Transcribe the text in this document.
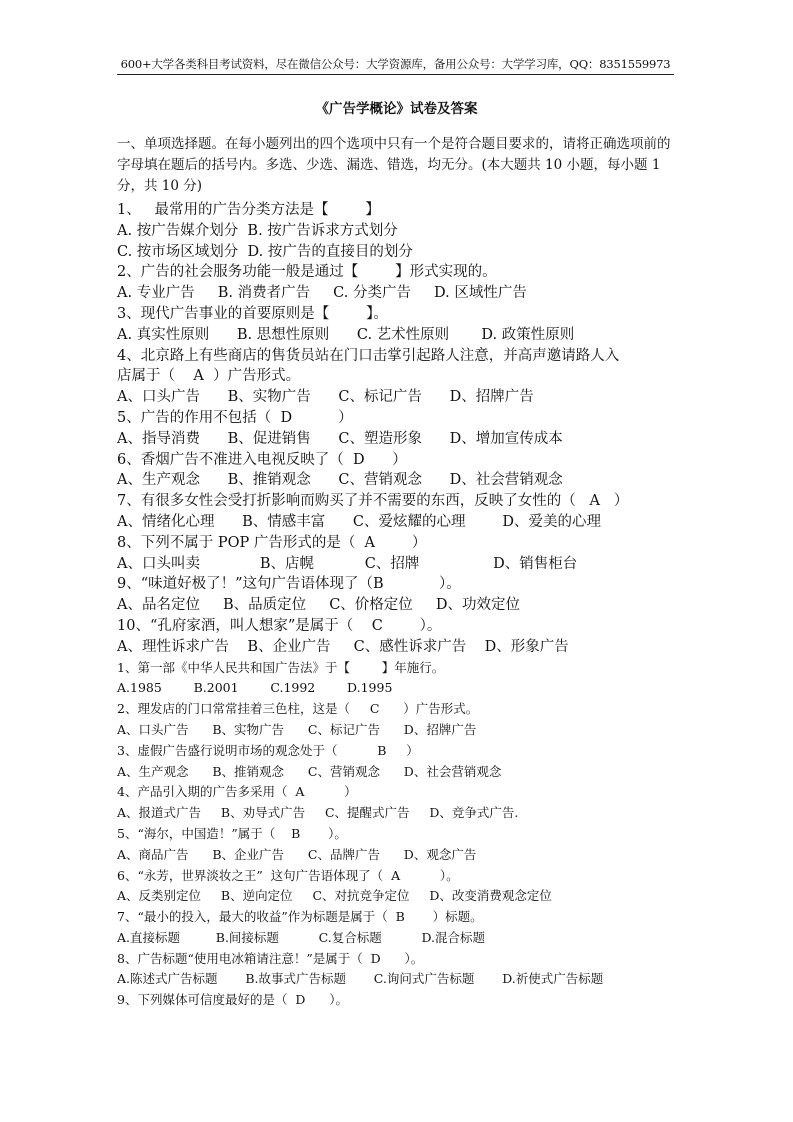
600+大学各类科目考试资料，尽在微信公众号：大学资源库，备用公众号：大学学习库，QQ：8351559973
《广告学概论》试卷及答案
一、单项选择题。在每小题列出的四个选项中只有一个是符合题目要求的，请将正确选项前的字母填在题后的括号内。多选、少选、漏选、错选，均无分。(本大题共 10 小题，每小题 1 分，共 10 分)
1、   最常用的广告分类方法是【        】
A. 按广告媒介划分  B. 按广告诉求方式划分
C. 按市场区域划分  D. 按广告的直接目的划分
2、广告的社会服务功能一般是通过【        】形式实现的。
A. 专业广告     B. 消费者广告     C. 分类广告     D. 区域性广告
3、现代广告事业的首要原则是【        】。
A. 真实性原则      B. 思想性原则      C. 艺术性原则       D. 政策性原则
4、北京路上有些商店的售货员站在门口击掌引起路人注意，并高声邀请路人入
店属于（    A  ）广告形式。
A、口头广告      B、实物广告      C、标记广告      D、招牌广告
5、广告的作用不包括（  D          ）
A、指导消费      B、促进销售      C、塑造形象      D、增加宣传成本
6、香烟广告不准进入电视反映了（  D      ）
A、生产观念      B、推销观念      C、营销观念      D、社会营销观念
7、有很多女性会受打折影响而购买了并不需要的东西，反映了女性的（   A   ）
A、情绪化心理      B、情感丰富      C、爱炫耀的心理        D、爱美的心理
8、下列不属于 POP 广告形式的是（  A        ）
A、口头叫卖             B、店幌           C、招牌                D、销售柜台
9、“味道好极了！”这句广告语体现了（B            ）。
A、品名定位     B、品质定位     C、价格定位     D、功效定位
10、“孔府家酒，叫人想家”是属于（    C        ）。
A、理性诉求广告    B、企业广告     C、感性诉求广告    D、形象广告
1、第一部《中华人民共和国广告法》于【        】年施行。
A.1985        B.2001        C.1992        D.1995
2、理发店的门口常常挂着三色柱，这是（     C      ）广告形式。
A、口头广告      B、实物广告      C、标记广告      D、招牌广告
3、虚假广告盛行说明市场的观念处于（          B     ）
A、生产观念      B、推销观念      C、营销观念      D、社会营销观念
4、产品引入期的广告多采用（  A          ）
A、报道式广告     B、劝导式广告     C、提醒式广告     D、竞争式广告.
5、“海尔，中国造！”属于（    B       ）。
A、商品广告      B、企业广告      C、品牌广告      D、观念广告
6、“永芳，世界淡妆之王”  这句广告语体现了（  A          ）。
A、反类别定位     B、逆向定位     C、对抗竞争定位     D、改变消费观念定位
7、“最小的投入，最大的收益”作为标题是属于（  B       ）标题。
A.直接标题         B.间接标题          C.复合标题          D.混合标题
8、广告标题“使用电冰箱请注意！”是属于（  D      ）。
A.陈述式广告标题       B.故事式广告标题       C.询问式广告标题       D.祈使式广告标题
9、下列媒体可信度最好的是（  D      ）。
